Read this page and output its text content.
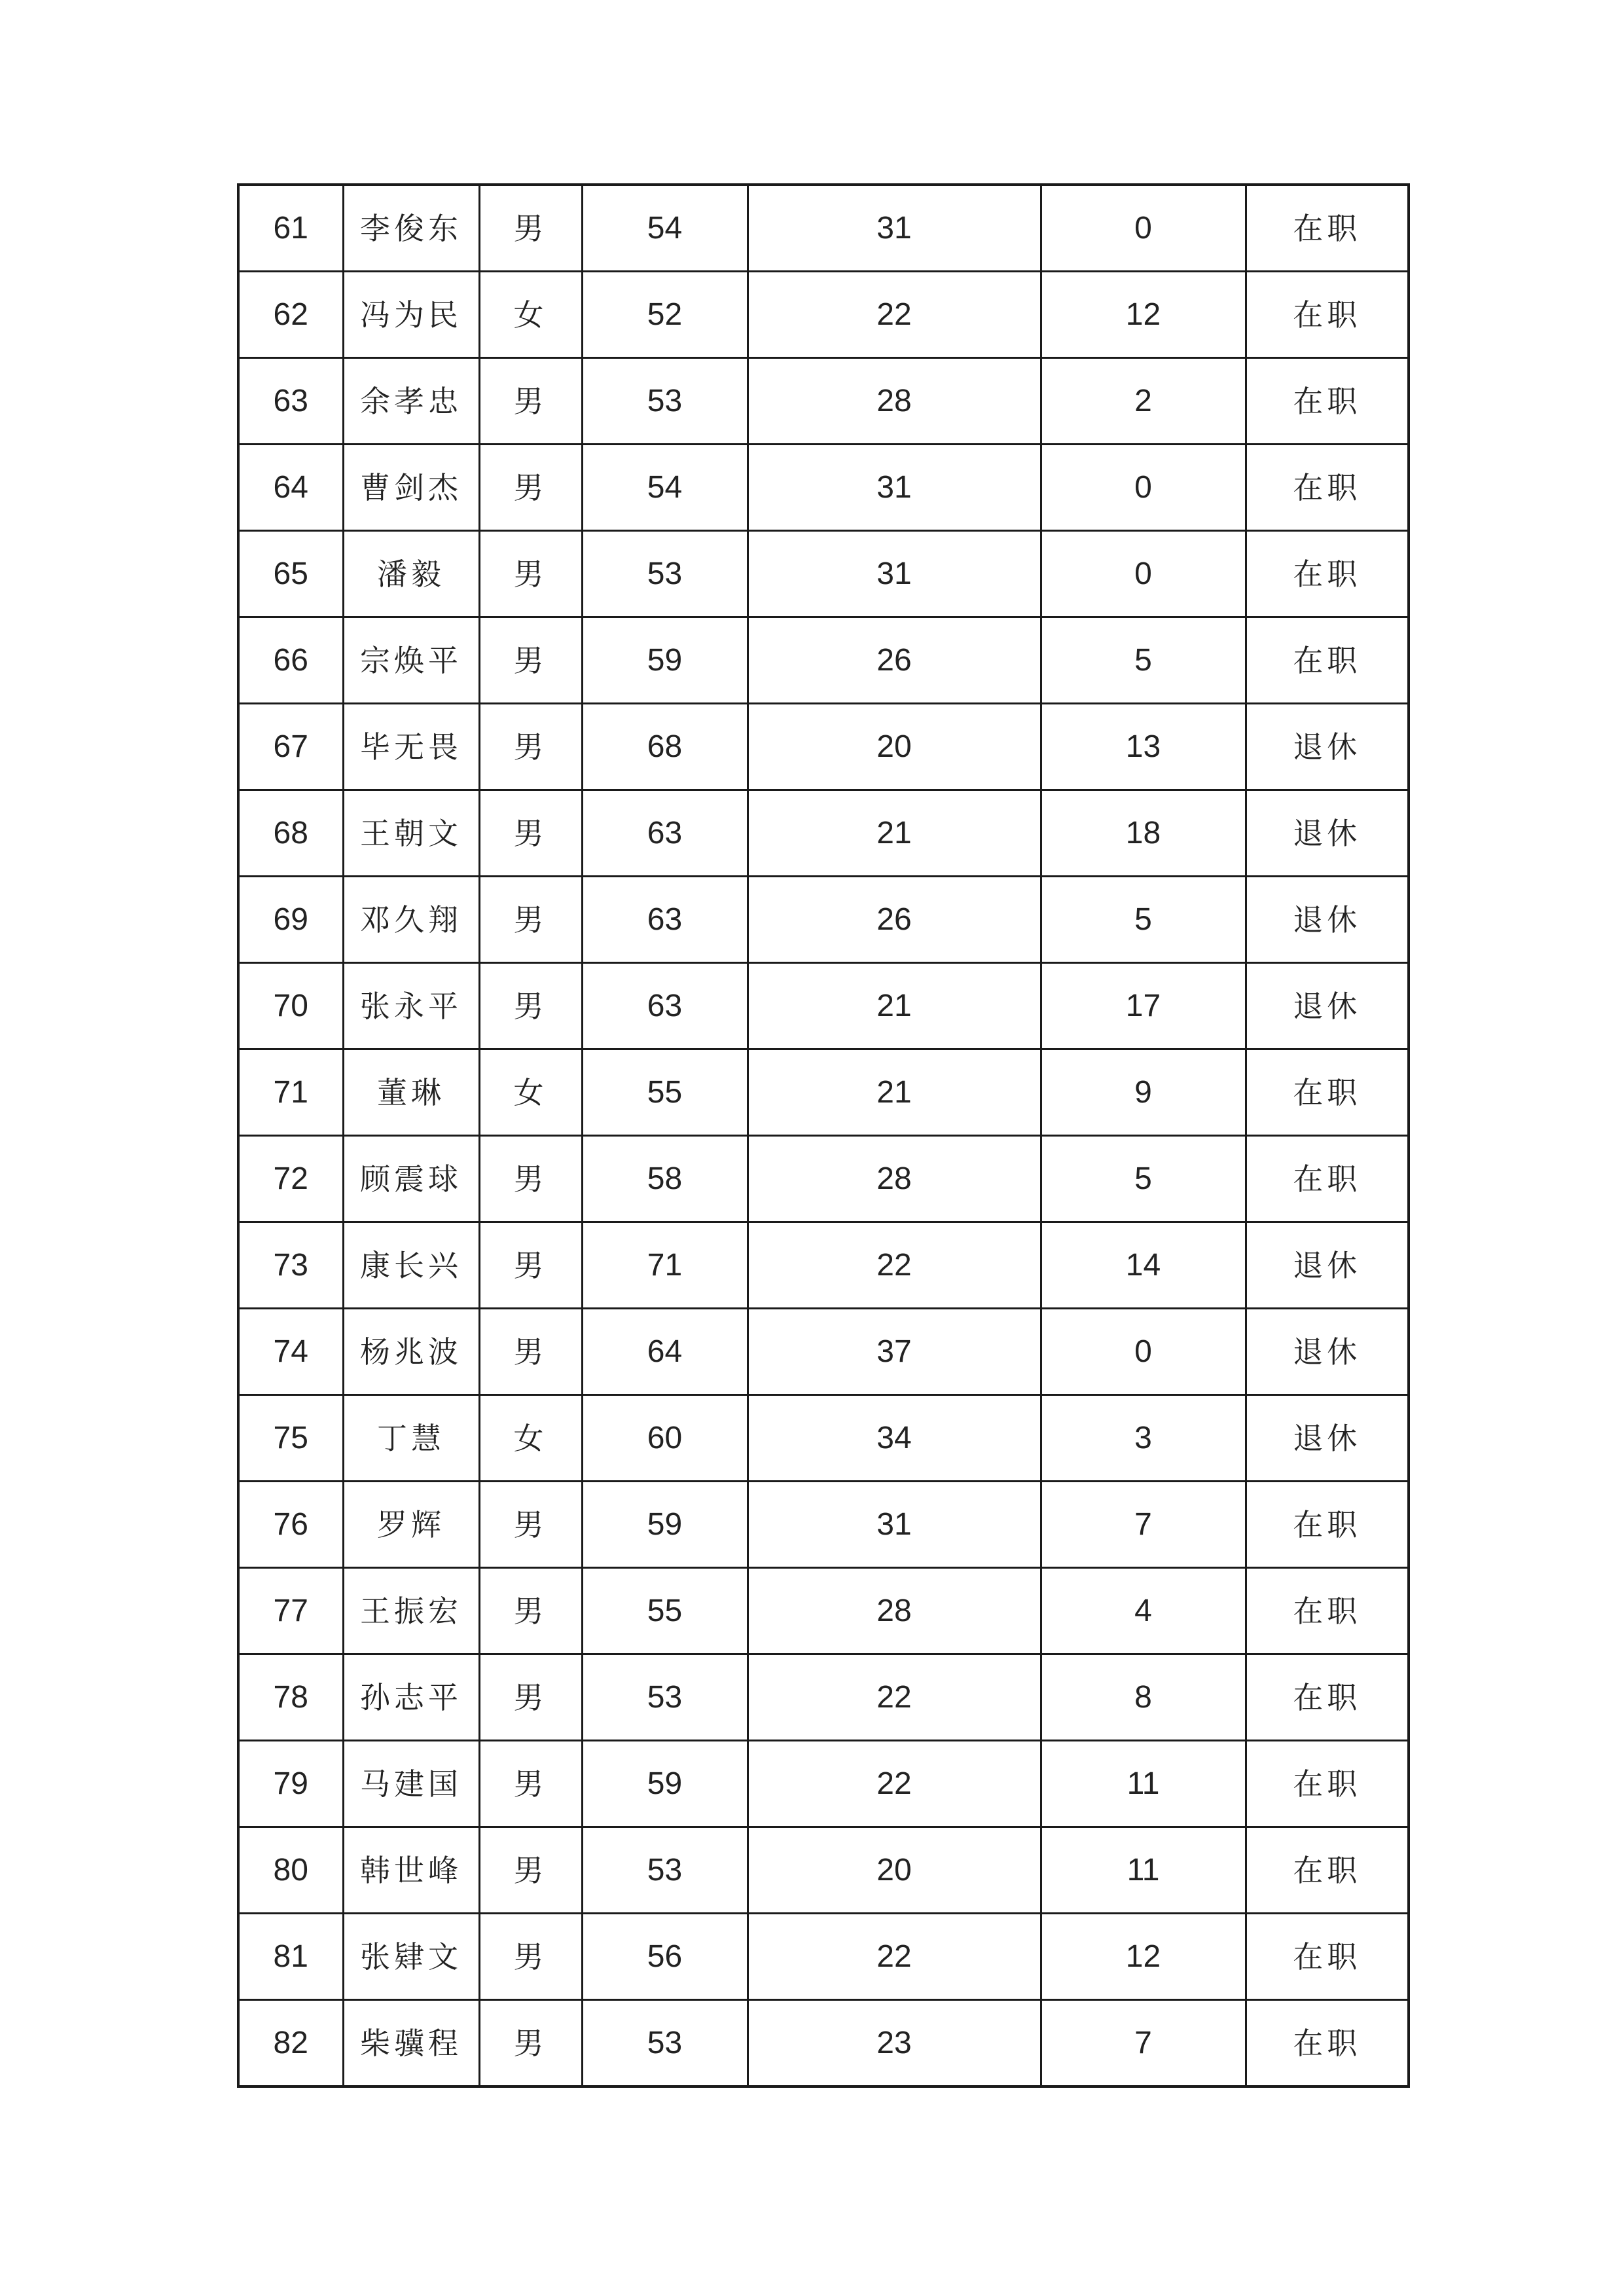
61	李俊东	男	54	31	0	在职
62	冯为民	女	52	22	12	在职
63	余孝忠	男	53	28	2	在职
64	曹剑杰	男	54	31	0	在职
65	潘毅	男	53	31	0	在职
66	宗焕平	男	59	26	5	在职
67	毕无畏	男	68	20	13	退休
68	王朝文	男	63	21	18	退休
69	邓久翔	男	63	26	5	退休
70	张永平	男	63	21	17	退休
71	董琳	女	55	21	9	在职
72	顾震球	男	58	28	5	在职
73	康长兴	男	71	22	14	退休
74	杨兆波	男	64	37	0	退休
75	丁慧	女	60	34	3	退休
76	罗辉	男	59	31	7	在职
77	王振宏	男	55	28	4	在职
78	孙志平	男	53	22	8	在职
79	马建国	男	59	22	11	在职
80	韩世峰	男	53	20	11	在职
81	张肄文	男	56	22	12	在职
82	柴骥程	男	53	23	7	在职
